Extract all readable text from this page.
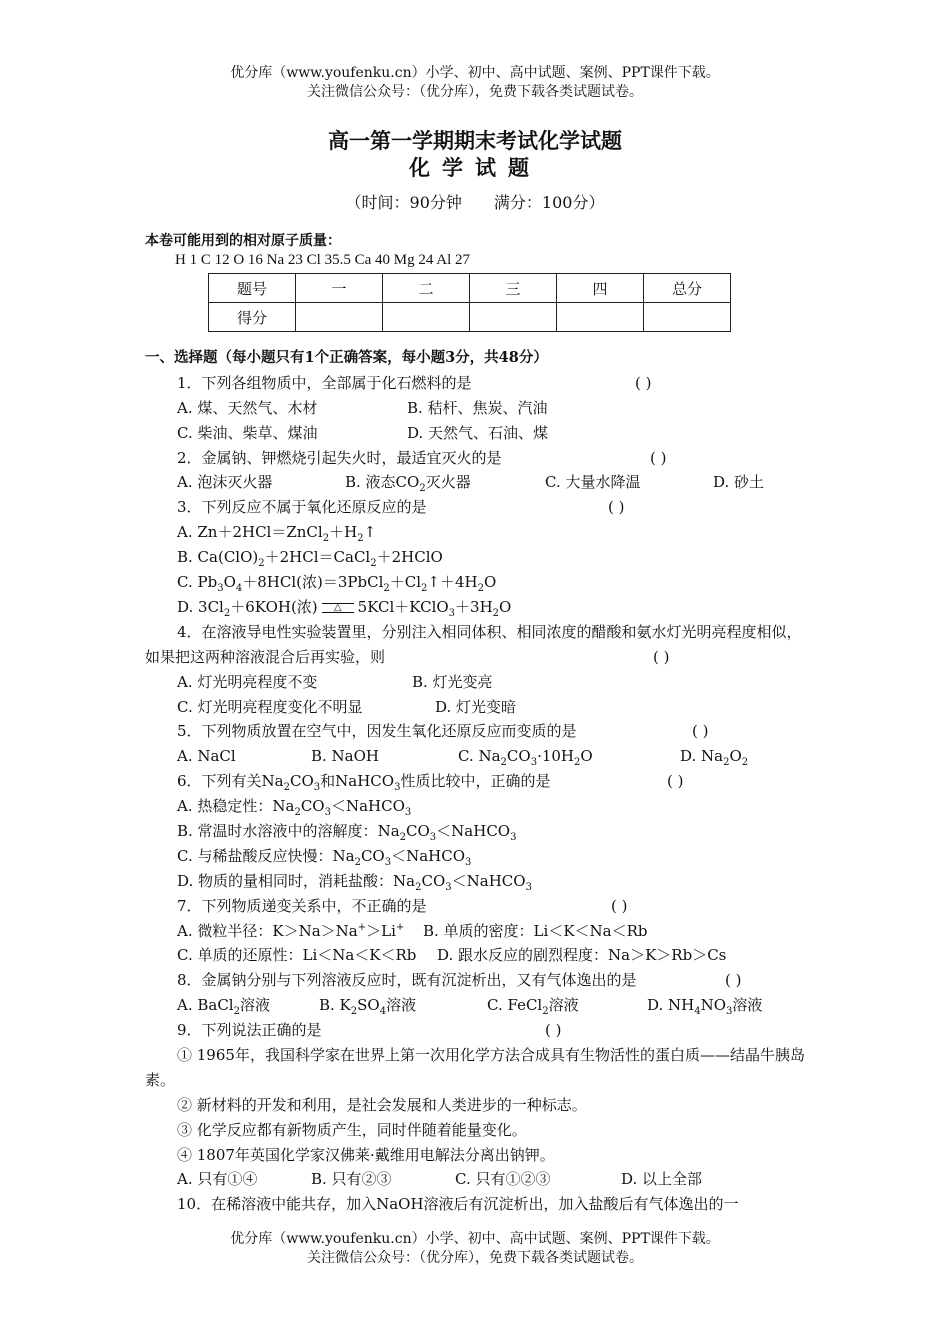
优分库（www.youfenku.cn）小学、初中、高中试题、案例、PPT课件下载。
关注微信公众号：（优分库），免费下载各类试题试卷。
高一第一学期期末考试化学试题
化学试题
（时间：90分钟　　满分：100分）
本卷可能用到的相对原子质量：
H 1 C 12 O 16 Na 23 Cl 35.5 Ca 40 Mg 24 Al 27
题号	一	二	三	四	总分
得分					
一、选择题（每小题只有1个正确答案，每小题3分，共48分）
1．下列各组物质中，全部属于化石燃料的是	( )
A. 煤、天然气、木材	B. 秸杆、焦炭、汽油
C. 柴油、柴草、煤油	D. 天然气、石油、煤
2．金属钠、钾燃烧引起失火时，最适宜灭火的是	( )
A. 泡沫灭火器	B. 液态$CO_2$灭火器	C. 大量水降温	D. 砂土
3．下列反应不属于氧化还原反应的是	( )
A. $Zn+2HCl=ZnCl_2+H_2↑$
B. $Ca(ClO)_2+2HCl=CaCl_2+2HClO$
C. $Pb_3O_4+8HCl$(浓)$=3PbCl_2+Cl_2↑+4H_2O$
D. $3Cl_2+6KOH$(浓) △ $5KCl+KClO_3+3H_2O$
4．在溶液导电性实验装置里，分别注入相同体积、相同浓度的醋酸和氨水灯光明亮程度相似，如果把这两种溶液混合后再实验，则	( )
A. 灯光明亮程度不变	B. 灯光变亮
C. 灯光明亮程度变化不明显	D. 灯光变暗
5．下列物质放置在空气中，因发生氧化还原反应而变质的是	( )
A. NaCl	B. NaOH	C. $Na_2CO_3\cdot 10H_2O$	D. $Na_2O_2$
6．下列有关$Na_2CO_3$和NaHCO$_3$性质比较中，正确的是	( )
A. 热稳定性：$Na_2CO_3<NaHCO_3$
B. 常温时水溶液中的溶解度：$Na_2CO_3<NaHCO_3$
C. 与稀盐酸反应快慢：$Na_2CO_3<NaHCO_3$
D. 物质的量相同时，消耗盐酸：$Na_2CO_3<NaHCO_3$
7．下列物质递变关系中，不正确的是	( )
A. 微粒半径：K＞Na＞Na+＞Li+ B. 单质的密度：Li＜K＜Na＜Rb
C. 单质的还原性：Li＜Na＜K＜Rb D. 跟水反应的剧烈程度：Na＞K＞Rb＞Cs
8．金属钠分别与下列溶液反应时，既有沉淀析出，又有气体逸出的是	( )
A. BaCl$_2$溶液	B. $K_2SO_4$溶液	C. FeCl$_2$溶液	D. $NH_4NO_3$溶液
9．下列说法正确的是	( )
① 1965年，我国科学家在世界上第一次用化学方法合成具有生物活性的蛋白质——结晶牛胰岛素。
② 新材料的开发和利用，是社会发展和人类进步的一种标志。
③ 化学反应都有新物质产生，同时伴随着能量变化。
④ 1807年英国化学家汉佛莱·戴维用电解法分离出钠钾。
A. 只有①④	B. 只有②③	C. 只有①②③	D. 以上全部
10．在稀溶液中能共存，加入NaOH溶液后有沉淀析出，加入盐酸后有气体逸出的一
优分库（www.youfenku.cn）小学、初中、高中试题、案例、PPT课件下载。
关注微信公众号：（优分库），免费下载各类试题试卷。
